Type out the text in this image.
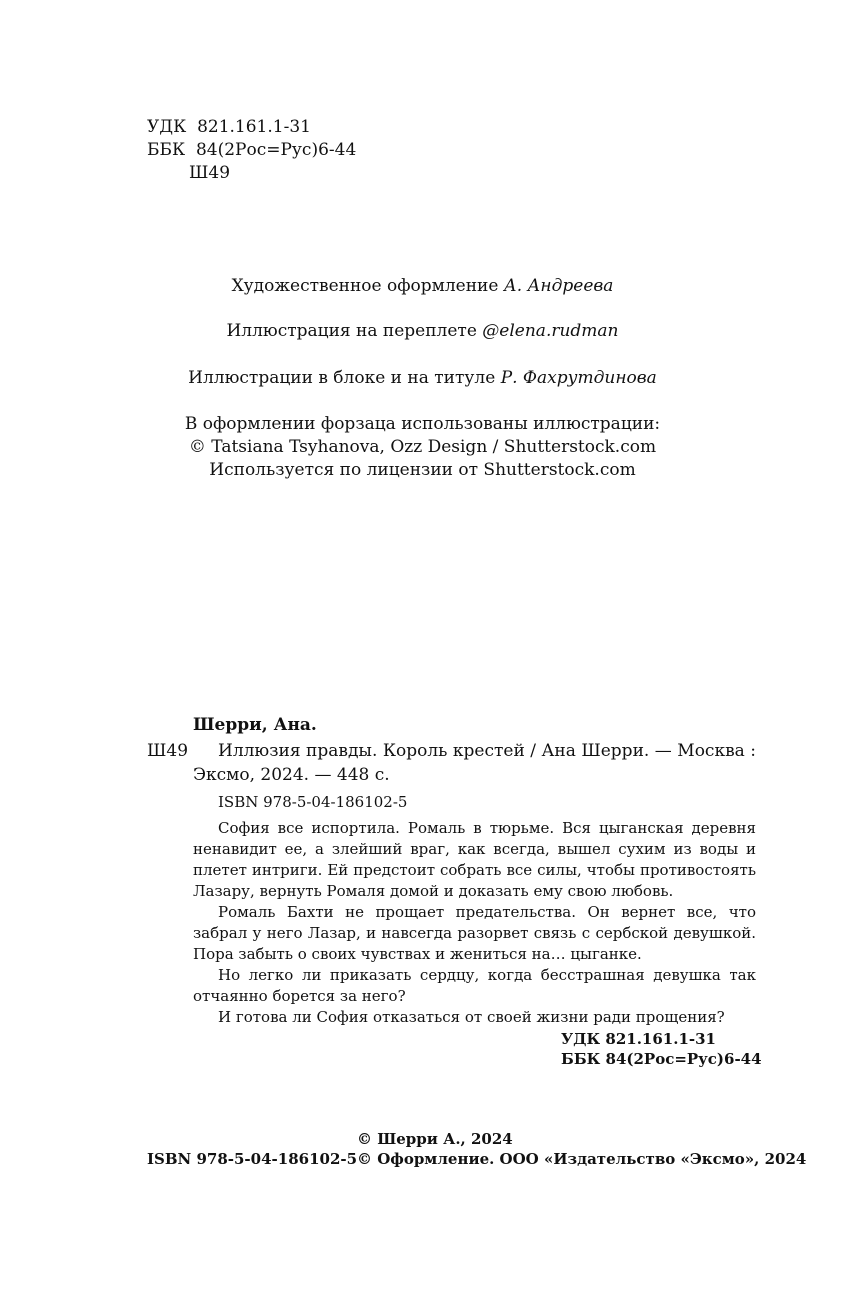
УДК 821.161.1-31
ББК 84(2Рос=Рус)6-44
Ш49
Художественное оформление А. Андреева
Иллюстрация на переплете @elena.rudman
Иллюстрации в блоке и на титуле Р. Фахрутдинова
В оформлении форзаца использованы иллюстрации:
© Tatsiana Tsyhanova, Ozz Design / Shutterstock.com
Используется по лицензии от Shutterstock.com
Шерри, Ана.
Ш49 Иллюзия правды. Король крестей / Ана Шерри. — Москва :
Эксмо, 2024. — 448 с.
ISBN 978-5-04-186102-5

София все испортила. Ромаль в тюрьме. Вся цыганская деревня ненавидит ее, а злейший враг, как всегда, вышел сухим из воды и плетет интриги. Ей предстоит собрать все силы, чтобы противостоять Лазару, вернуть Ромаля домой и доказать ему свою любовь.

Ромаль Бахти не прощает предательства. Он вернет все, что забрал у него Лазар, и навсегда разорвет связь с сербской девушкой. Пора забыть о своих чувствах и жениться на… цыганке.

Но легко ли приказать сердцу, когда бесстрашная девушка так отчаянно борется за него?

И готова ли София отказаться от своей жизни ради прощения?

УДК 821.161.1-31
ББК 84(2Рос=Рус)6-44
© Шерри А., 2024
ISBN 978-5-04-186102-5 © Оформление. ООО «Издательство «Эксмо», 2024
